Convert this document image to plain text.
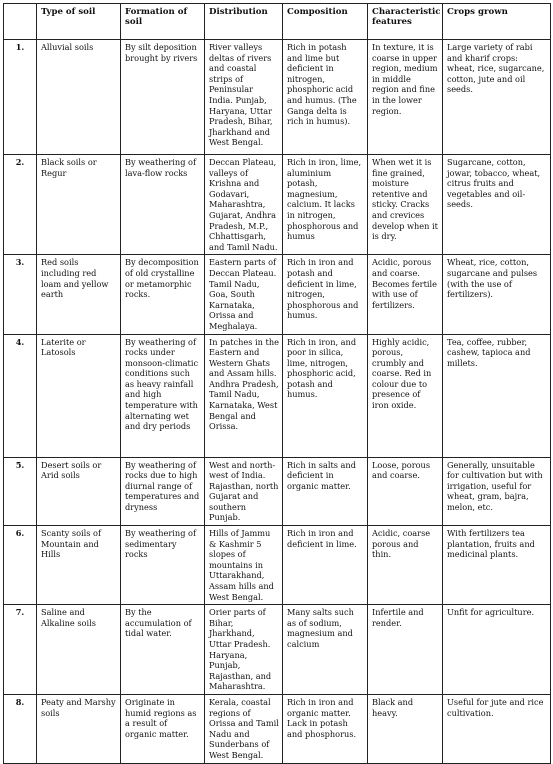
	Type of soil	Formation of soil	Distribution	Composition	Characteristic features	Crops grown
1.	Alluvial soils	By silt deposition brought by rivers	River valleys deltas of rivers and coastal strips of Peninsular India. Punjab, Haryana, Uttar Pradesh, Bihar, Jharkhand and West Bengal.	Rich in potash and lime but deficient in nitrogen, phosphoric acid and humus. (The Ganga delta is rich in humus).	In texture, it is coarse in upper region, medium in middle region and fine in the lower region.	Large variety of rabi and kharif crops: wheat, rice, sugarcane, cotton, jute and oil seeds.
2.	Black soils or Regur	By weathering of lava-flow rocks	Deccan Plateau, valleys of Krishna and Godavari, Maharashtra, Gujarat, Andhra Pradesh, M.P., Chhattisgarh, and Tamil Nadu.	Rich in iron, lime, aluminium potash, magnesium, calcium. It lacks in nitrogen, phosphorous and humus	When wet it is fine grained, moisture retentive and sticky. Cracks and crevices develop when it is dry.	Sugarcane, cotton, jowar, tobacco, wheat, citrus fruits and vegetables and oil-seeds.
3.	Red soils including red loam and yellow earth	By decomposition of old crystalline or metamorphic rocks.	Eastern parts of Deccan Plateau. Tamil Nadu, Goa, South Karnataka, Orissa and Meghalaya.	Rich in iron and potash and deficient in lime, nitrogen, phosphorous and humus.	Acidic, porous and coarse. Becomes fertile with use of fertilizers.	Wheat, rice, cotton, sugarcane and pulses (with the use of fertilizers).
4.	Laterite or Latosols	By weathering of rocks under monsoon-climatic conditions such as heavy rainfall and high temperature with alternating wet and dry periods	In patches in the Eastern and Western Ghats and Assam hills. Andhra Pradesh, Tamil Nadu, Karnataka, West Bengal and Orissa.	Rich in iron, and poor in silica, lime, nitrogen, phosphoric acid, potash and humus.	Highly acidic, porous, crumbly and coarse. Red in colour due to presence of iron oxide.	Tea, coffee, rubber, cashew, tapioca and millets.
5.	Desert soils or Arid soils	By weathering of rocks due to high diurnal range of temperatures and dryness	West and north-west of India. Rajasthan, north Gujarat and southern Punjab.	Rich in salts and deficient in organic matter.	Loose, porous and coarse.	Generally, unsuitable for cultivation but with irrigation, useful for wheat, gram, bajra, melon, etc.
6.	Scanty soils of Mountain and Hills	By weathering of sedimentary rocks	Hills of Jammu & Kashmir 5 slopes of mountains in Uttarakhand, Assam hills and West Bengal.	Rich in iron and deficient in lime.	Acidic, coarse porous and thin.	With fertilizers tea plantation, fruits and medicinal plants.
7.	Saline and Alkaline soils	By the accumulation of tidal water.	Orier parts of Bihar, Jharkhand, Uttar Pradesh. Haryana, Punjab, Rajasthan, and Maharashtra.	Many salts such as of sodium, magnesium and calcium	Infertile and render.	Unfit for agriculture.
8.	Peaty and Marshy soils	Originate in humid regions as a result of organic matter.	Kerala, coastal regions of Orissa and Tamil Nadu and Sunderbans of West Bengal.	Rich in iron and organic matter. Lack in potash and phosphorus.	Black and heavy.	Useful for jute and rice cultivation.
